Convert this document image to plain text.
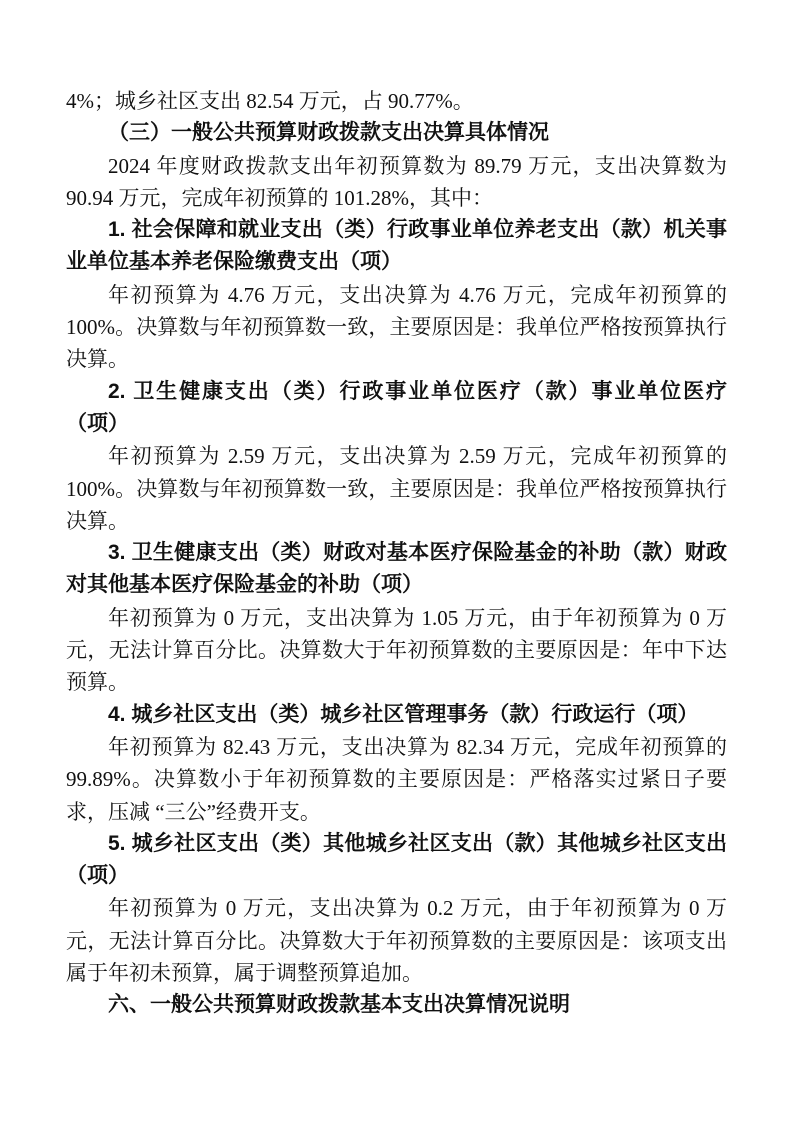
4%；城乡社区支出 82.54 万元，占 90.77%。

（三）一般公共预算财政拨款支出决算具体情况

2024 年度财政拨款支出年初预算数为 89.79 万元，支出决算数为 90.94 万元，完成年初预算的 101.28%，其中：

1. 社会保障和就业支出（类）行政事业单位养老支出（款）机关事业单位基本养老保险缴费支出（项）

年初预算为 4.76 万元，支出决算为 4.76 万元，完成年初预算的 100%。决算数与年初预算数一致，主要原因是：我单位严格按预算执行决算。

2. 卫生健康支出（类）行政事业单位医疗（款）事业单位医疗（项）

年初预算为 2.59 万元，支出决算为 2.59 万元，完成年初预算的 100%。决算数与年初预算数一致，主要原因是：我单位严格按预算执行决算。

3. 卫生健康支出（类）财政对基本医疗保险基金的补助（款）财政对其他基本医疗保险基金的补助（项）

年初预算为 0 万元，支出决算为 1.05 万元，由于年初预算为 0 万元，无法计算百分比。决算数大于年初预算数的主要原因是：年中下达预算。

4. 城乡社区支出（类）城乡社区管理事务（款）行政运行（项）

年初预算为 82.43 万元，支出决算为 82.34 万元，完成年初预算的 99.89%。决算数小于年初预算数的主要原因是：严格落实过紧日子要求，压减 “三公”经费开支。

5. 城乡社区支出（类）其他城乡社区支出（款）其他城乡社区支出（项）

年初预算为 0 万元，支出决算为 0.2 万元，由于年初预算为 0 万元，无法计算百分比。决算数大于年初预算数的主要原因是：该项支出属于年初未预算，属于调整预算追加。

六、一般公共预算财政拨款基本支出决算情况说明
